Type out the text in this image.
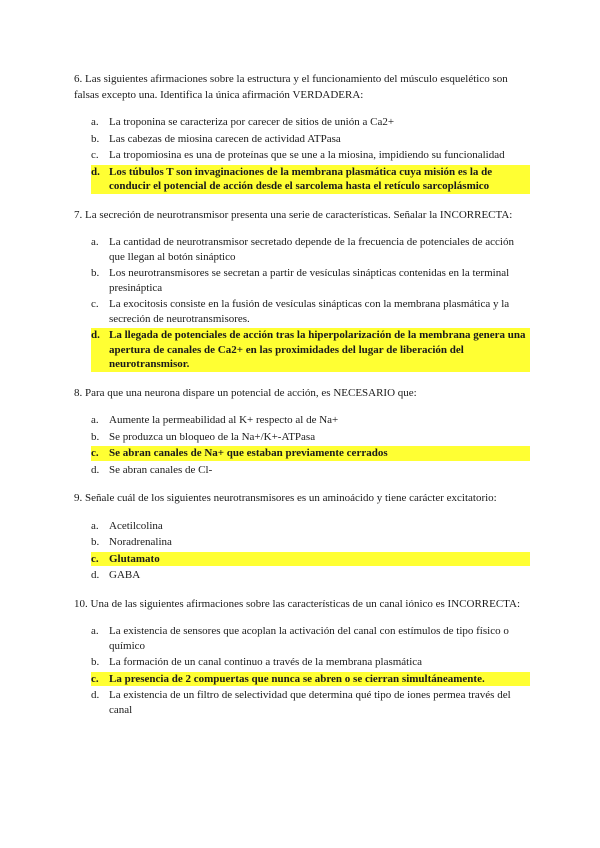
6. Las siguientes afirmaciones sobre la estructura y el funcionamiento del músculo esquelético son falsas excepto una. Identifica la única afirmación VERDADERA:

a. La troponina se caracteriza por carecer de sitios de unión a Ca2+
b. Las cabezas de miosina carecen de actividad ATPasa
c. La tropomiosina es una de proteínas que se une a la miosina, impidiendo su funcionalidad
d. Los túbulos T son invaginaciones de la membrana plasmática cuya misión es la de conducir el potencial de acción desde el sarcolema hasta el retículo sarcoplásmico

7. La secreción de neurotransmisor presenta una serie de características. Señalar la INCORRECTA:

a. La cantidad de neurotransmisor secretado depende de la frecuencia de potenciales de acción que llegan al botón sináptico
b. Los neurotransmisores se secretan a partir de vesículas sinápticas contenidas en la terminal presináptica
c. La exocitosis consiste en la fusión de vesículas sinápticas con la membrana plasmática y la secreción de neurotransmisores.
d. La llegada de potenciales de acción tras la hiperpolarización de la membrana genera una apertura de canales de Ca2+ en las proximidades del lugar de liberación del neurotransmisor.

8. Para que una neurona dispare un potencial de acción, es NECESARIO que:

a. Aumente la permeabilidad al K+ respecto al de Na+
b. Se produzca un bloqueo de la Na+/K+-ATPasa
c. Se abran canales de Na+ que estaban previamente cerrados
d. Se abran canales de Cl-

9. Señale cuál de los siguientes neurotransmisores es un aminoácido y tiene carácter excitatorio:

a. Acetilcolina
b. Noradrenalina
c. Glutamato
d. GABA

10. Una de las siguientes afirmaciones sobre las características de un canal iónico es INCORRECTA:

a. La existencia de sensores que acoplan la activación del canal con estímulos de tipo físico o químico
b. La formación de un canal continuo a través de la membrana plasmática
c. La presencia de 2 compuertas que nunca se abren o se cierran simultáneamente.
d. La existencia de un filtro de selectividad que determina qué tipo de iones permea través del canal
